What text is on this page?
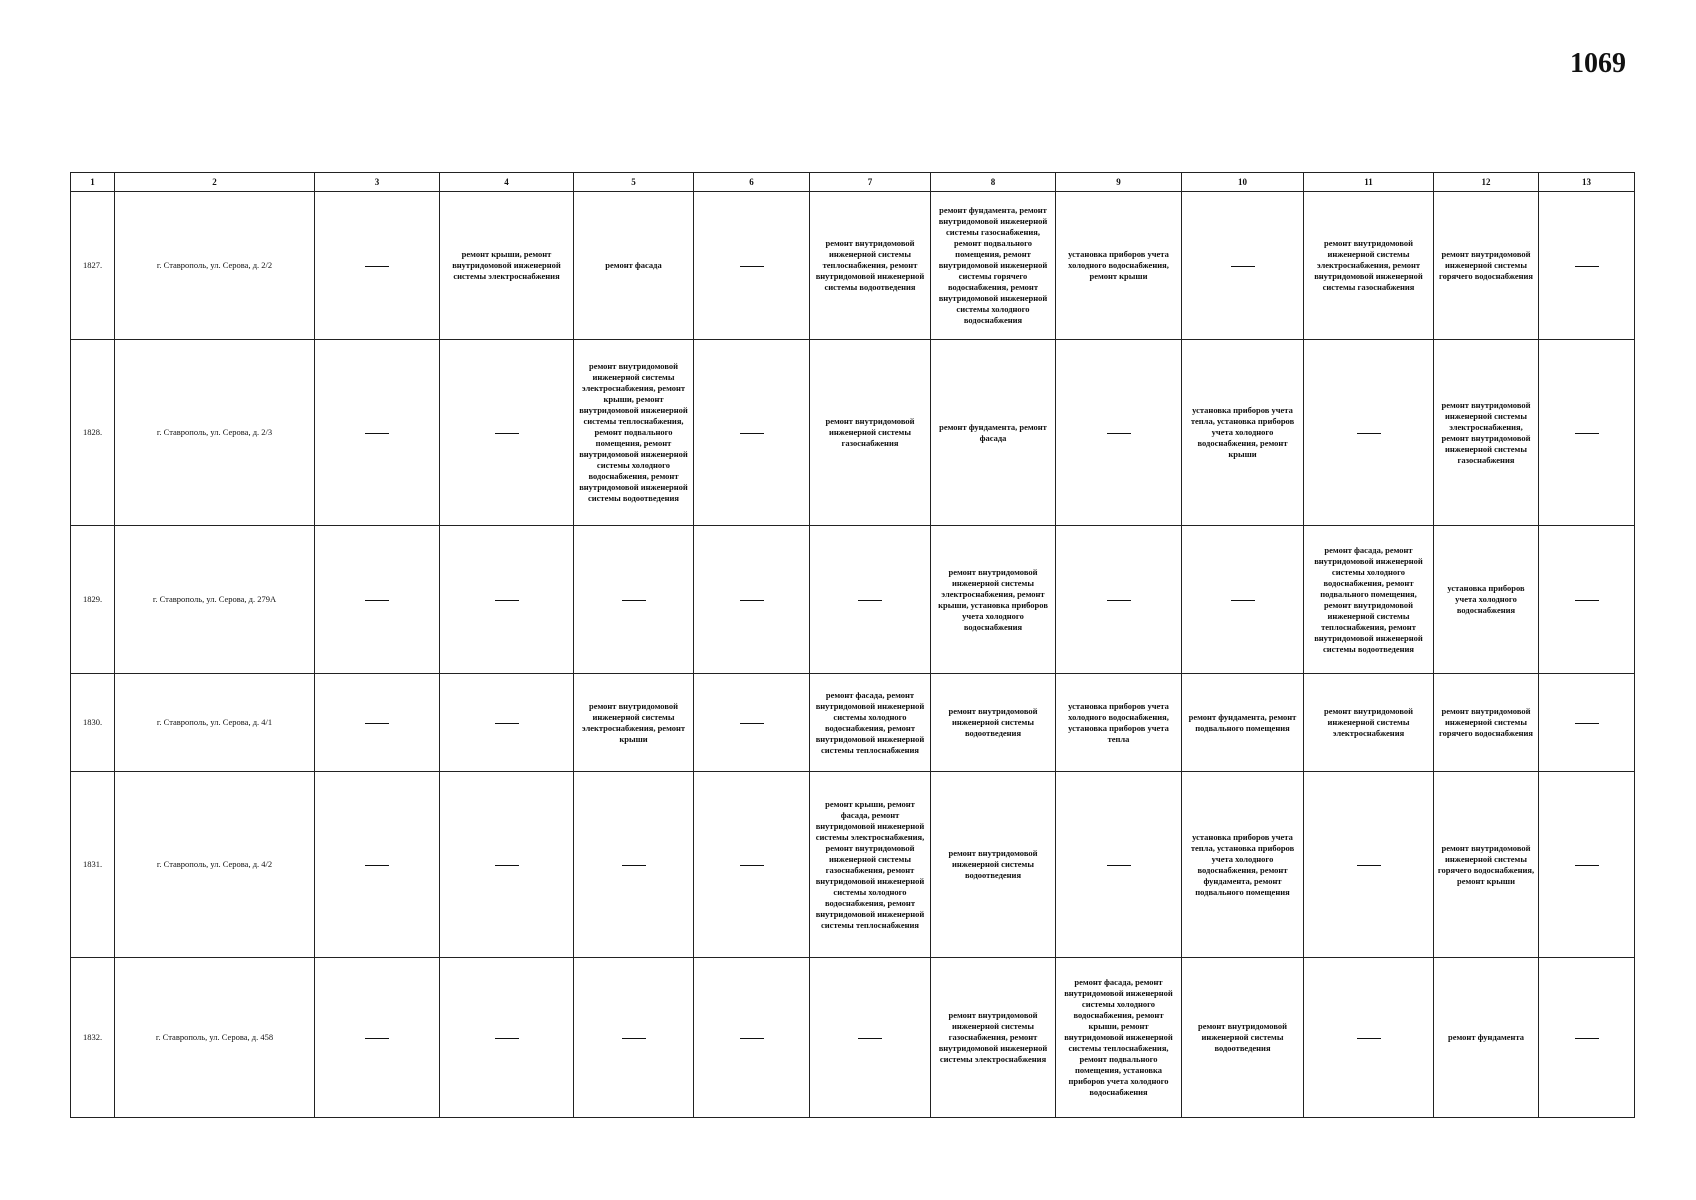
1069
1	2	3	4	5	6	7	8	9	10	11	12	13
1827.	г. Ставрополь, ул. Серова, д. 2/2		ремонт крыши, ремонт внутридомовой инженерной системы электроснабжения	ремонт фасада		ремонт внутридомовой инженерной системы теплоснабжения, ремонт внутридомовой инженерной системы водоотведения	ремонт фундамента, ремонт внутридомовой инженерной системы газоснабжения, ремонт подвального помещения, ремонт внутридомовой инженерной системы горячего водоснабжения, ремонт внутридомовой инженерной системы холодного водоснабжения	установка приборов учета холодного водоснабжения, ремонт крыши		ремонт внутридомовой инженерной системы электроснабжения, ремонт внутридомовой инженерной системы газоснабжения	ремонт внутридомовой инженерной системы горячего водоснабжения	
1828.	г. Ставрополь, ул. Серова, д. 2/3			ремонт внутридомовой инженерной системы электроснабжения, ремонт крыши, ремонт внутридомовой инженерной системы теплоснабжения, ремонт подвального помещения, ремонт внутридомовой инженерной системы холодного водоснабжения, ремонт внутридомовой инженерной системы водоотведения		ремонт внутридомовой инженерной системы газоснабжения	ремонт фундамента, ремонт фасада		установка приборов учета тепла, установка приборов учета холодного водоснабжения, ремонт крыши		ремонт внутридомовой инженерной системы электроснабжения, ремонт внутридомовой инженерной системы газоснабжения	
1829.	г. Ставрополь, ул. Серова, д. 279А						ремонт внутридомовой инженерной системы электроснабжения, ремонт крыши, установка приборов учета холодного водоснабжения			ремонт фасада, ремонт внутридомовой инженерной системы холодного водоснабжения, ремонт подвального помещения, ремонт внутридомовой инженерной системы теплоснабжения, ремонт внутридомовой инженерной системы водоотведения	установка приборов учета холодного водоснабжения	
1830.	г. Ставрополь, ул. Серова, д. 4/1			ремонт внутридомовой инженерной системы электроснабжения, ремонт крыши		ремонт фасада, ремонт внутридомовой инженерной системы холодного водоснабжения, ремонт внутридомовой инженерной системы теплоснабжения	ремонт внутридомовой инженерной системы водоотведения	установка приборов учета холодного водоснабжения, установка приборов учета тепла	ремонт фундамента, ремонт подвального помещения	ремонт внутридомовой инженерной системы электроснабжения	ремонт внутридомовой инженерной системы горячего водоснабжения	
1831.	г. Ставрополь, ул. Серова, д. 4/2					ремонт крыши, ремонт фасада, ремонт внутридомовой инженерной системы электроснабжения, ремонт внутридомовой инженерной системы газоснабжения, ремонт внутридомовой инженерной системы холодного водоснабжения, ремонт внутридомовой инженерной системы теплоснабжения	ремонт внутридомовой инженерной системы водоотведения		установка приборов учета тепла, установка приборов учета холодного водоснабжения, ремонт фундамента, ремонт подвального помещения		ремонт внутридомовой инженерной системы горячего водоснабжения, ремонт крыши	
1832.	г. Ставрополь, ул. Серова, д. 458						ремонт внутридомовой инженерной системы газоснабжения, ремонт внутридомовой инженерной системы электроснабжения	ремонт фасада, ремонт внутридомовой инженерной системы холодного водоснабжения, ремонт крыши, ремонт внутридомовой инженерной системы теплоснабжения, ремонт подвального помещения, установка приборов учета холодного водоснабжения	ремонт внутридомовой инженерной системы водоотведения		ремонт фундамента	
